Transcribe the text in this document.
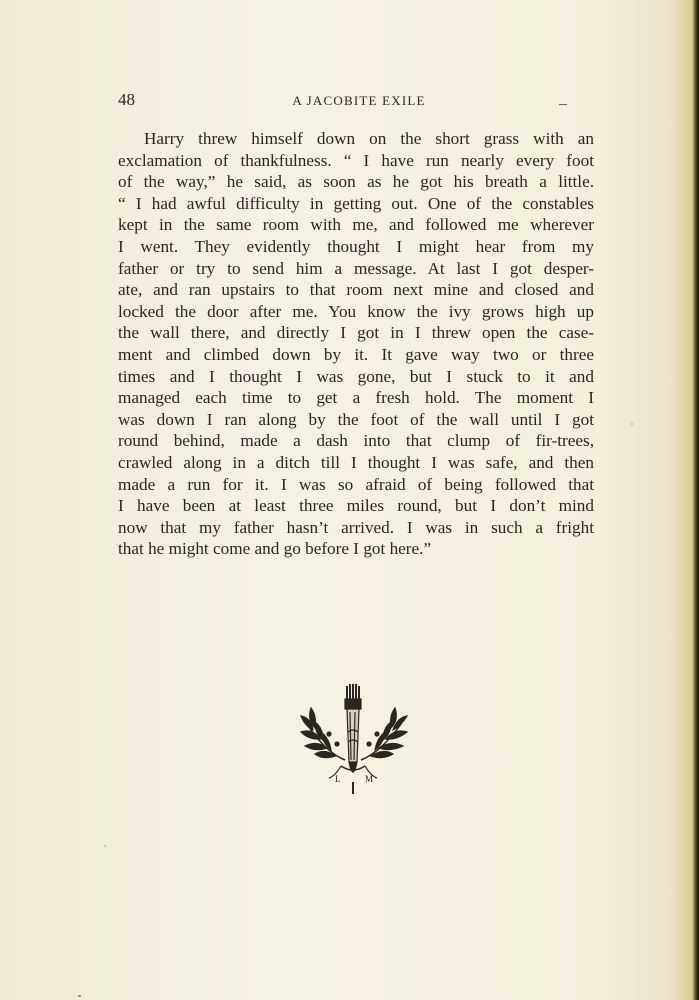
48	A JACOBITE EXILE
Harry threw himself down on the short grass with an
exclamation of thankfulness. “ I have run nearly every foot
of the way,” he said, as soon as he got his breath a little.
“ I had awful difficulty in getting out. One of the constables
kept in the same room with me, and followed me wherever
I went. They evidently thought I might hear from my
father or try to send him a message. At last I got desper-
ate, and ran upstairs to that room next mine and closed and
locked the door after me. You know the ivy grows high up
the wall there, and directly I got in I threw open the case-
ment and climbed down by it. It gave way two or three
times and I thought I was gone, but I stuck to it and
managed each time to get a fresh hold. The moment I
was down I ran along by the foot of the wall until I got
round behind, made a dash into that clump of fir-trees,
crawled along in a ditch till I thought I was safe, and then
made a run for it. I was so afraid of being followed that
I have been at least three miles round, but I don’t mind
now that my father hasn’t arrived. I was in such a fright
that he might come and go before I got here.”
L	M
